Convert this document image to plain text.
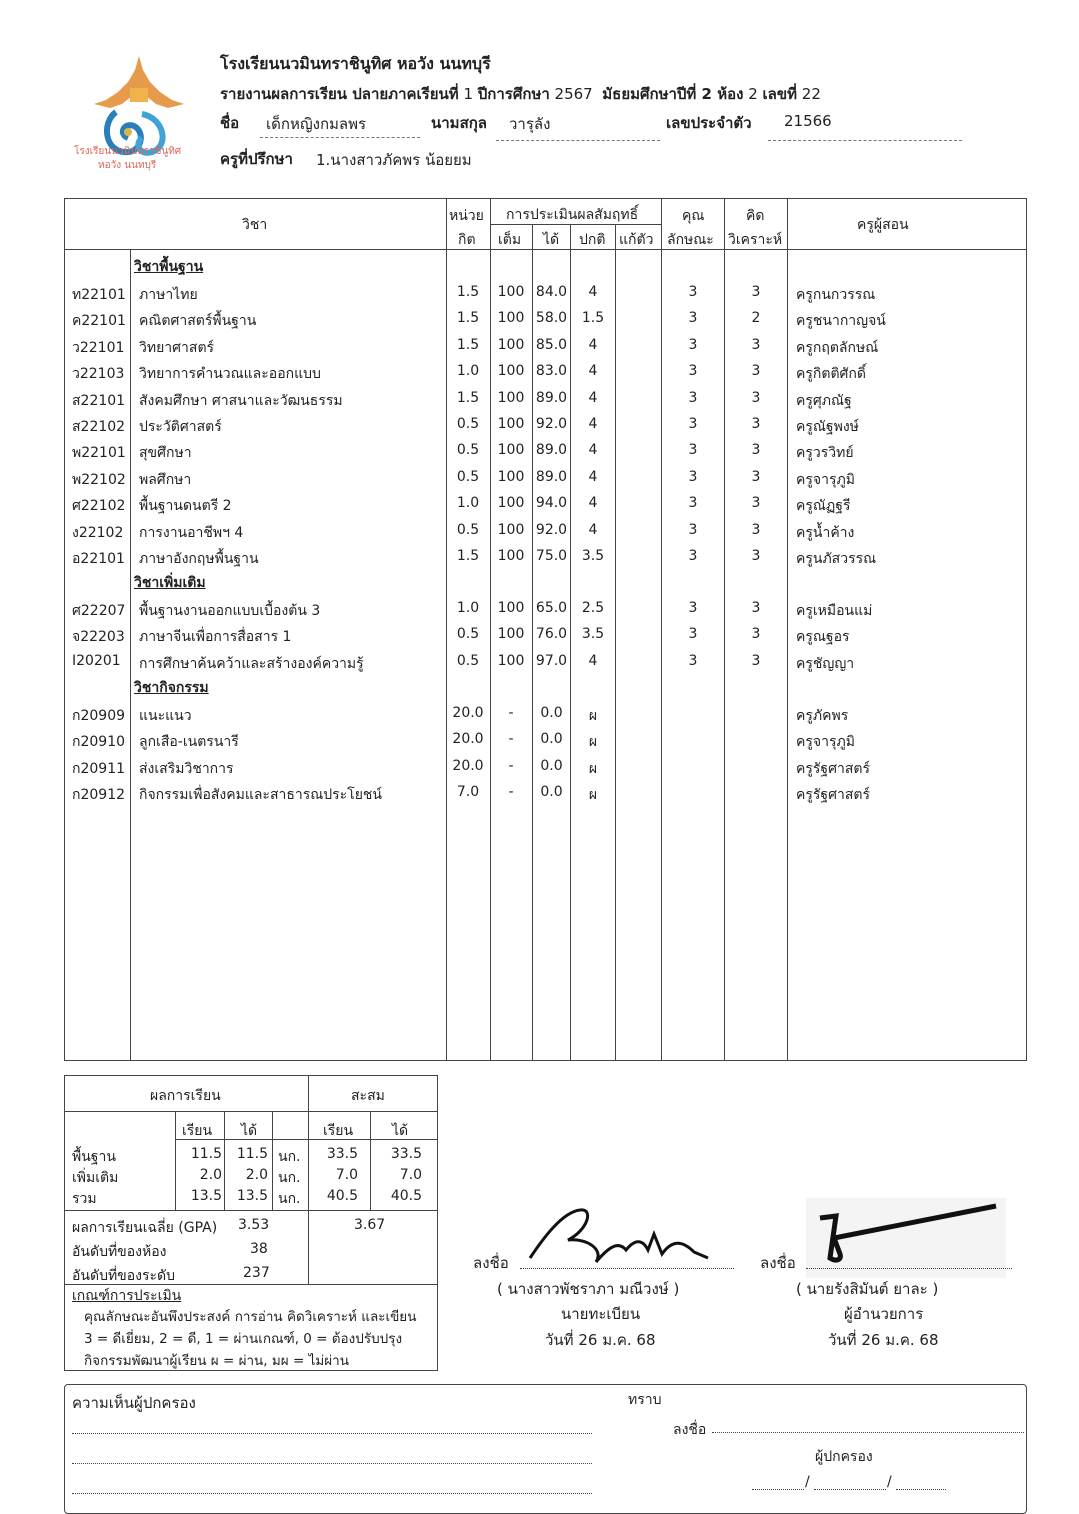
โรงเรียนนวมินทราชินูทิศ
หอวัง นนทบุรี
โรงเรียนนวมินทราชินูทิศ หอวัง นนทบุรี
รายงานผลการเรียน ปลายภาคเรียนที่ 1 ปีการศึกษา 2567 มัธยมศึกษาปีที่ 2 ห้อง 2 เลขที่ 22
ชื่อ เด็กหญิงกมลพร	นามสกุล วารุลัง	เลขประจำตัว 21566
ครูที่ปรึกษา 1.นางสาวภัคพร น้อยยม
วิชา
หน่วย
กิต
การประเมินผลสัมฤทธิ์
เต็ม ได้ ปกติ แก้ตัว
คุณ
ลักษณะ
คิด
วิเคราะห์
ครูผู้สอน
วิชาพื้นฐาน
วิชาเพิ่มเติม
วิชากิจกรรม
ท22101 ภาษาไทย	1.5	100 84.0	4	3	3	ครูกนกวรรณ
ค22101 คณิตศาสตร์พื้นฐาน	1.5	100 58.0	1.5	3	2	ครูชนากาญจน์
ว22101 วิทยาศาสตร์	1.5	100 85.0	4	3	3	ครูกฤตลักษณ์
ว22103 วิทยาการคำนวณและออกแบบ	1.0	100 83.0	4	3	3	ครูกิตติศักดิ์
ส22101 สังคมศึกษา ศาสนาและวัฒนธรรม	1.5	100 89.0	4	3	3	ครูศุภณัฐ
ส22102 ประวัติศาสตร์	0.5	100 92.0	4	3	3	ครูณัฐพงษ์
พ22101 สุขศึกษา	0.5	100 89.0	4	3	3	ครูวรวิทย์
พ22102 พลศึกษา	0.5	100 89.0	4	3	3	ครูจารุภูมิ
ศ22102 พื้นฐานดนตรี 2	1.0	100 94.0	4	3	3	ครูณัฏฐรี
ง22102 การงานอาชีพฯ 4	0.5	100 92.0	4	3	3	ครูน้ำค้าง
อ22101 ภาษาอังกฤษพื้นฐาน	1.5	100 75.0	3.5	3	3	ครูนภัสวรรณ
ศ22207 พื้นฐานงานออกแบบเบื้องต้น 3	1.0	100 65.0	2.5	3	3	ครูเหมือนแม่
จ22203 ภาษาจีนเพื่อการสื่อสาร 1	0.5	100 76.0	3.5	3	3	ครูณฐอร
I20201 การศึกษาค้นคว้าและสร้างองค์ความรู้	0.5	100 97.0	4	3	3	ครูชัญญา
ก20909 แนะแนว	20.0	-	0.0	ผ	ครูภัคพร
ก20910 ลูกเสือ-เนตรนารี	20.0	-	0.0	ผ	ครูจารุภูมิ
ก20911 ส่งเสริมวิชาการ	20.0	-	0.0	ผ	ครูรัฐศาสตร์
ก20912 กิจกรรมเพื่อสังคมและสาธารณประโยชน์	7.0	-	0.0	ผ	ครูรัฐศาสตร์
ผลการเรียน	สะสม
เรียน ได้	เรียน	ได้
พื้นฐาน	11.5	11.5 นก.	33.5	33.5
เพิ่มเติม	2.0	2.0 นก.	7.0	7.0
รวม	13.5	13.5 นก.	40.5	40.5
ผลการเรียนเฉลี่ย (GPA) 3.53	3.67
อันดับที่ของห้อง	38
อันดับที่ของระดับ	237
เกณฑ์การประเมิน
คุณลักษณะอันพึงประสงค์ การอ่าน คิดวิเคราะห์ และเขียน
3 = ดีเยี่ยม, 2 = ดี, 1 = ผ่านเกณฑ์, 0 = ต้องปรับปรุง
กิจกรรมพัฒนาผู้เรียน ผ = ผ่าน, มผ = ไม่ผ่าน
ลงชื่อ
( นางสาวพัชราภา มณีวงษ์ )
นายทะเบียน
วันที่ 26 ม.ค. 68
ลงชื่อ
( นายรังสิมันต์ ยาละ )
ผู้อำนวยการ
วันที่ 26 ม.ค. 68
ความเห็นผู้ปกครอง	ทราบ
ลงชื่อ
ผู้ปกครอง
/	/
